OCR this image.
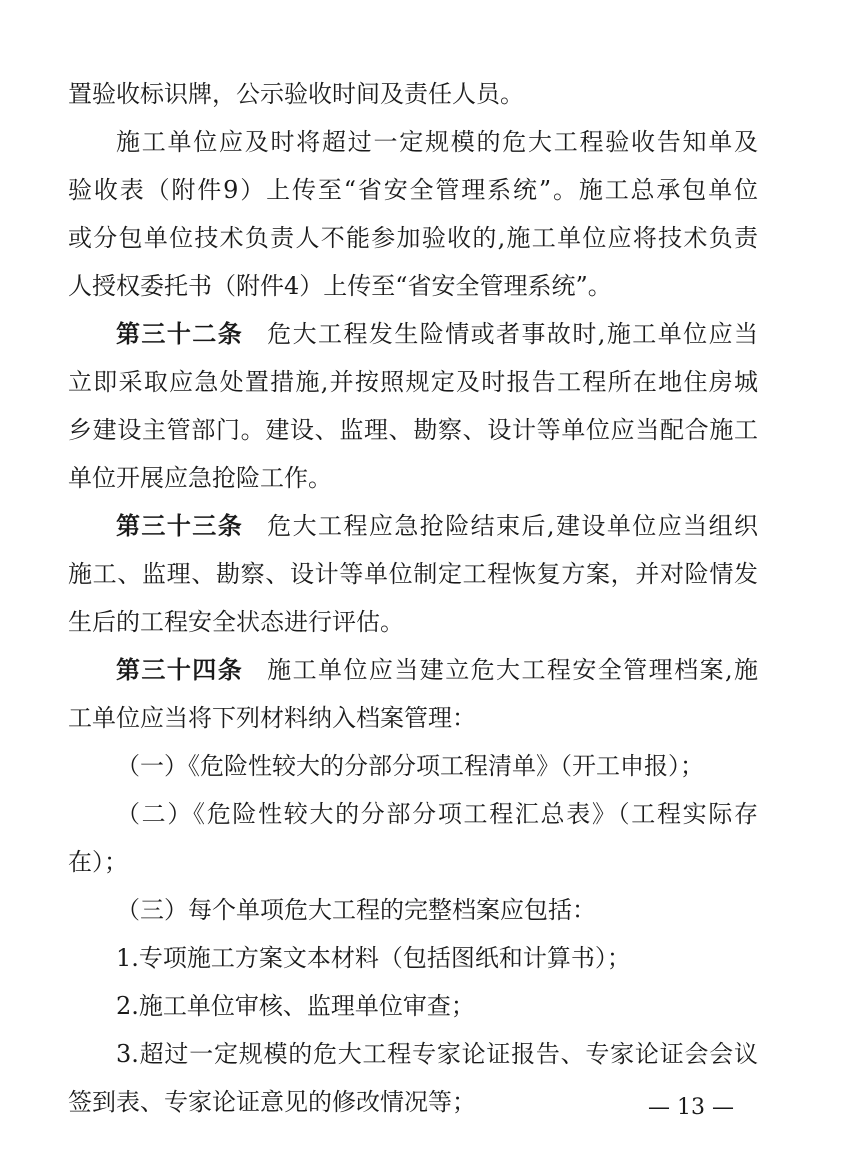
置验收标识牌，公示验收时间及责任人员。
施工单位应及时将超过一定规模的危大工程验收告知单及
验收表（附件9）上传至“省安全管理系统”。施工总承包单位
或分包单位技术负责人不能参加验收的,施工单位应将技术负责
人授权委托书（附件4）上传至“省安全管理系统”。
第三十二条 危大工程发生险情或者事故时,施工单位应当
立即采取应急处置措施,并按照规定及时报告工程所在地住房城
乡建设主管部门。建设、监理、勘察、设计等单位应当配合施工
单位开展应急抢险工作。
第三十三条 危大工程应急抢险结束后,建设单位应当组织
施工、监理、勘察、设计等单位制定工程恢复方案，并对险情发
生后的工程安全状态进行评估。
第三十四条 施工单位应当建立危大工程安全管理档案,施
工单位应当将下列材料纳入档案管理：
（一）《危险性较大的分部分项工程清单》（开工申报）；
（二）《危险性较大的分部分项工程汇总表》（工程实际存
在）；
（三）每个单项危大工程的完整档案应包括：
1.专项施工方案文本材料（包括图纸和计算书）；
2.施工单位审核、监理单位审查；
3.超过一定规模的危大工程专家论证报告、专家论证会会议
签到表、专家论证意见的修改情况等；	— 13 —
